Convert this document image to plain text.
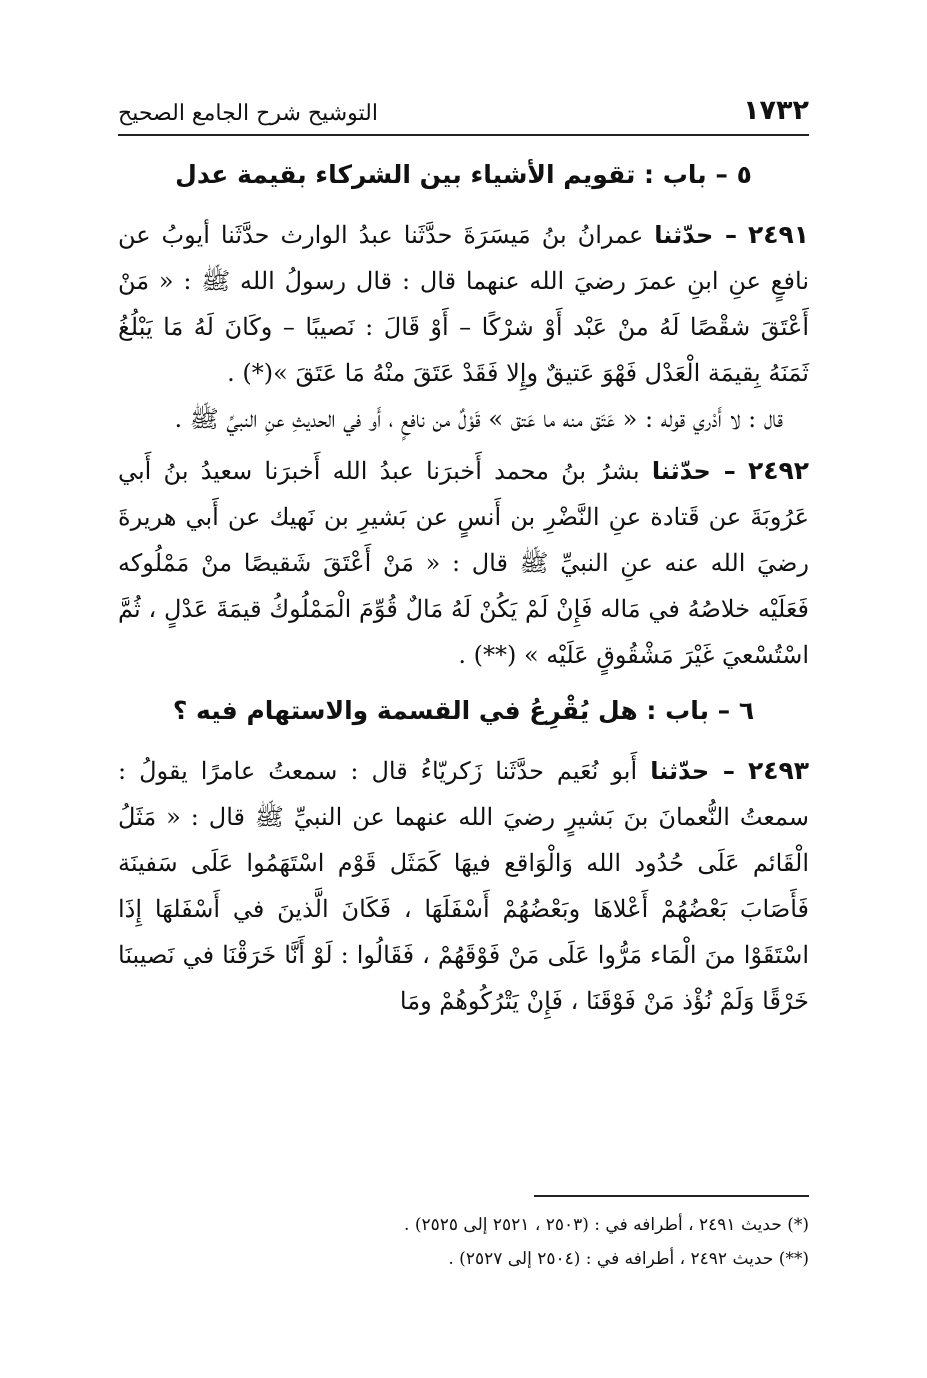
١٧٣٢
التوشيح شرح الجامع الصحيح
٥ – باب : تقويم الأشياء بين الشركاء بقيمة عدل

٢٤٩١ – حدّثنا عمرانُ بنُ مَيسَرَةَ حدَّثَنا عبدُ الوارث حدَّثَنا أيوبُ عن نافعٍ عنِ ابنِ عمرَ رضيَ الله عنهما قال : قال رسولُ الله ﷺ : « مَنْ أَعْتَقَ شقْصًا لَهُ منْ عَبْد أَوْ شرْكًا – أَوْ قَالَ : نَصيبًا – وكَانَ لَهُ مَا يَبْلُغُ ثَمَنَهُ بِقيمَة الْعَدْل فَهْوَ عَتيقٌ وإِلا فَقَدْ عَتَقَ منْهُ مَا عَتَقَ »(*) .

قال : لا أَدْري قوله : « عَتَق منه ما عَتق » قَوْلٌ من نافعٍ ، أَو في الحديثِ عنِ النبيِّ ﷺ .

٢٤٩٢ – حدّثنا بشرُ بنُ محمد أَخبرَنا عبدُ الله أَخبرَنا سعيدُ بنُ أَبي عَرُوبَةَ عن قَتادة عنِ النَّضْرِ بن أَنسٍ عن بَشيرِ بن نَهيك عن أَبي هريرةَ رضيَ الله عنه عنِ النبيِّ ﷺ قال : « مَنْ أَعْتَقَ شَقيصًا منْ مَمْلُوكه فَعَلَيْه خلاصُهُ في مَاله فَإِنْ لَمْ يَكُنْ لَهُ مَالٌ قُوِّمَ الْمَمْلُوكُ قيمَةَ عَدْلٍ ، ثُمَّ اسْتُسْعيَ غَيْرَ مَشْقُوقٍ عَلَيْه » (**) .

٦ – باب : هل يُقْرِعُ في القسمة والاستهام فيه ؟

٢٤٩٣ – حدّثنا أَبو نُعَيم حدَّثَنا زَكريّاءُ قال : سمعتُ عامرًا يقولُ : سمعتُ النُّعمانَ بنَ بَشيرٍ رضيَ الله عنهما عن النبيِّ ﷺ قال : « مَثَلُ الْقَائم عَلَى حُدُود الله وَالْوَاقع فيهَا كَمَثَل قَوْم اسْتَهَمُوا عَلَى سَفينَة فَأَصَابَ بَعْضُهُمْ أَعْلاهَا وبَعْضُهُمْ أَسْفَلَهَا ، فَكَانَ الَّذينَ في أَسْفَلهَا إِذَا اسْتَقَوْا منَ الْمَاء مَرُّوا عَلَى مَنْ فَوْقَهُمْ ، فَقَالُوا : لَوْ أَنَّا خَرَقْنَا في نَصيبنَا خَرْقًا وَلَمْ نُؤْذ مَنْ فَوْقَنَا ، فَإِنْ يَتْرُكُوهُمْ ومَا

(*) حديث ٢٤٩١ ، أطرافه في : (٢٥٠٣ ، ٢٥٢١ إلى ٢٥٢٥) .

(**) حديث ٢٤٩٢ ، أطرافه في : (٢٥٠٤ إلى ٢٥٢٧) .
